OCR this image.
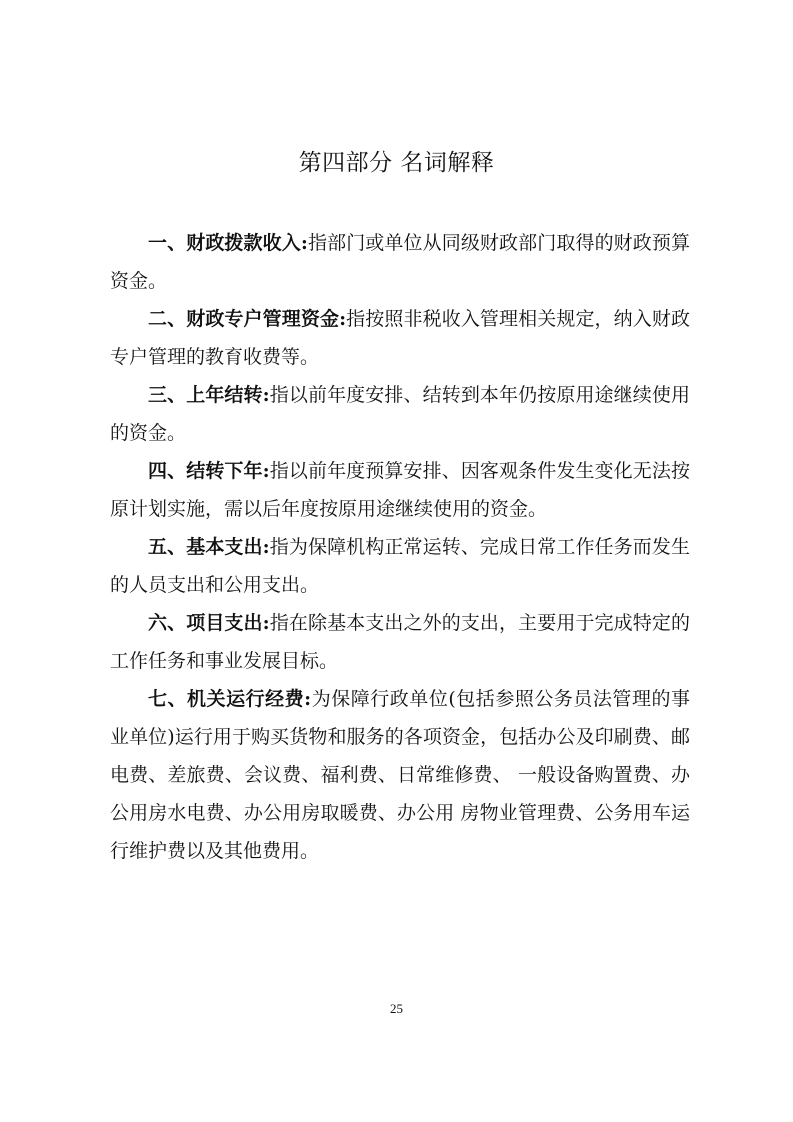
第四部分 名词解释

一、财政拨款收入:指部门或单位从同级财政部门取得的财政预算资金。

二、财政专户管理资金:指按照非税收入管理相关规定，纳入财政专户管理的教育收费等。

三、上年结转:指以前年度安排、结转到本年仍按原用途继续使用的资金。

四、结转下年:指以前年度预算安排、因客观条件发生变化无法按原计划实施，需以后年度按原用途继续使用的资金。

五、基本支出:指为保障机构正常运转、完成日常工作任务而发生的人员支出和公用支出。

六、项目支出:指在除基本支出之外的支出，主要用于完成特定的工作任务和事业发展目标。

七、机关运行经费:为保障行政单位(包括参照公务员法管理的事业单位)运行用于购买货物和服务的各项资金，包括办公及印刷费、邮电费、差旅费、会议费、福利费、日常维修费、 一般设备购置费、办公用房水电费、办公用房取暖费、办公用 房物业管理费、公务用车运行维护费以及其他费用。

25
